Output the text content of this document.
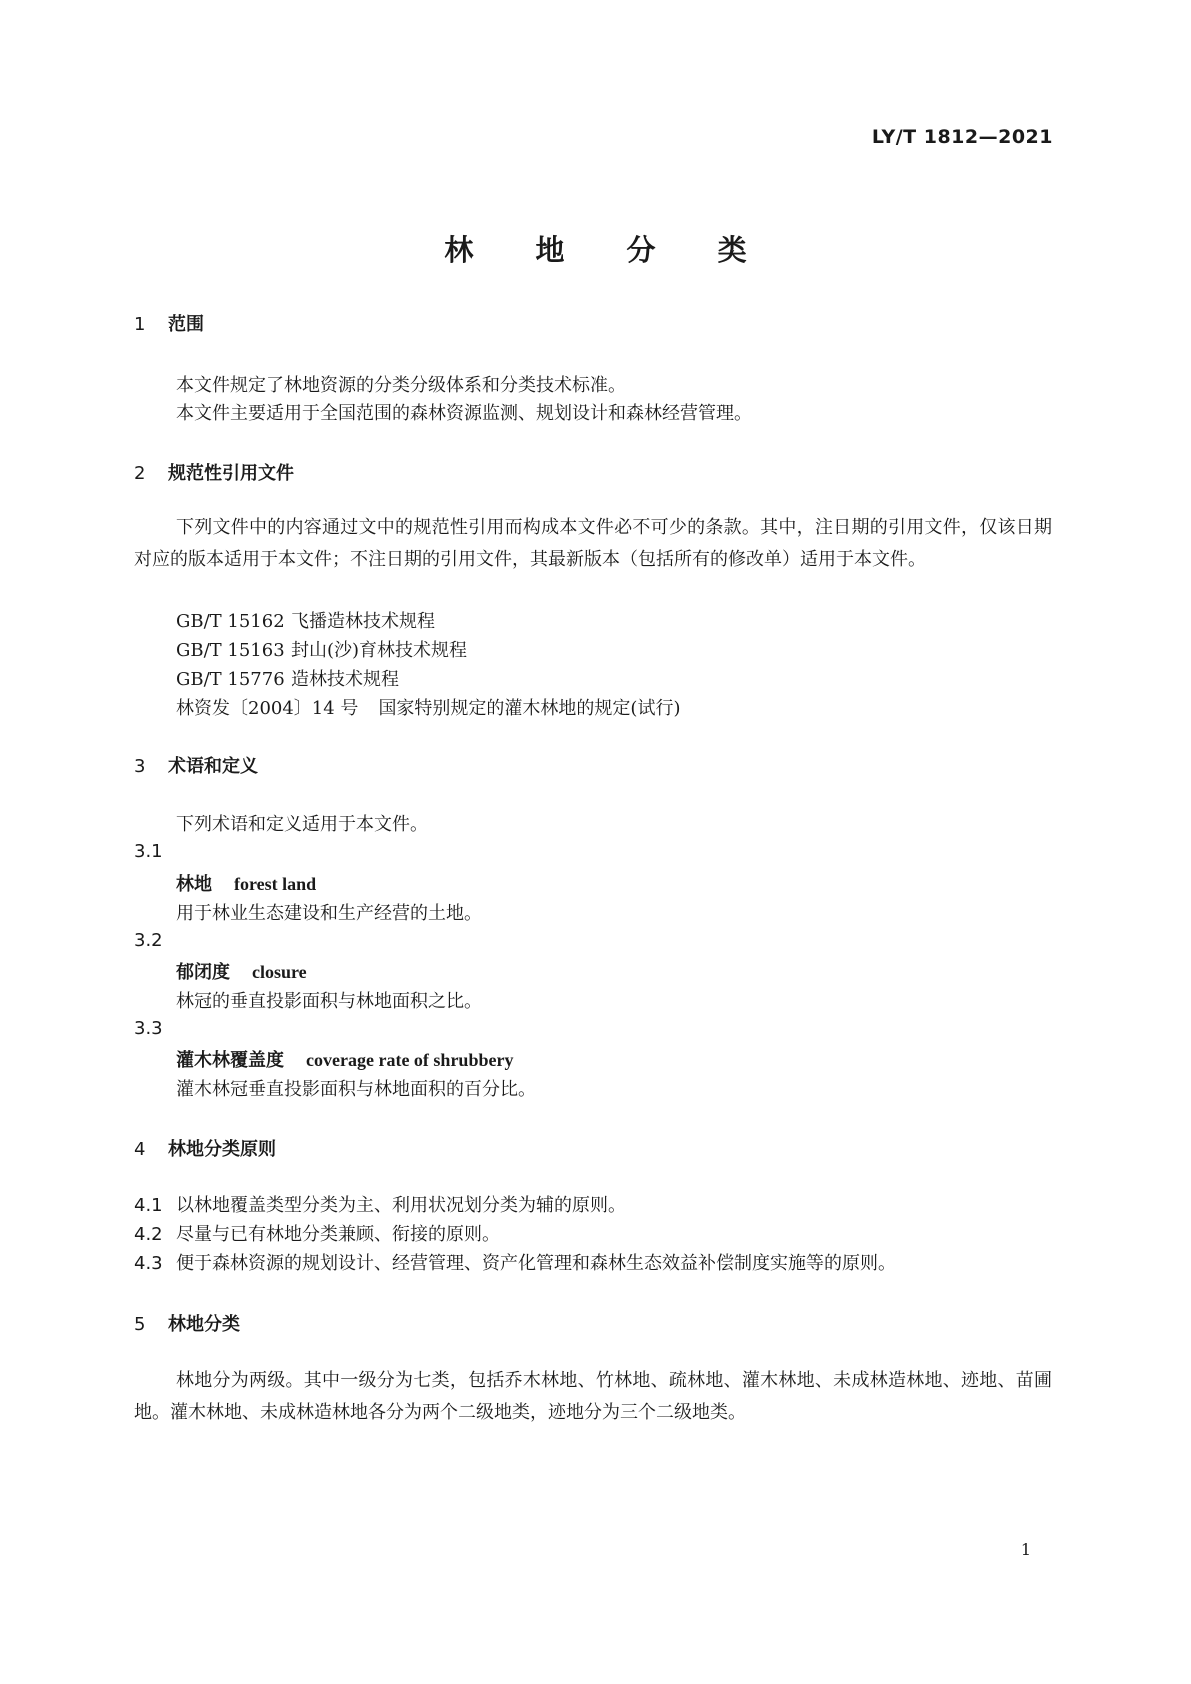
LY/T 1812—2021

林 地 分 类

1 范围

本文件规定了林地资源的分类分级体系和分类技术标准。

本文件主要适用于全国范围的森林资源监测、规划设计和森林经营管理。

2 规范性引用文件

下列文件中的内容通过文中的规范性引用而构成本文件必不可少的条款。其中，注日期的引用文件，仅该日期对应的版本适用于本文件；不注日期的引用文件，其最新版本（包括所有的修改单）适用于本文件。

GB/T 15162 飞播造林技术规程

GB/T 15163 封山(沙)育林技术规程

GB/T 15776 造林技术规程

林资发〔2004〕14 号 国家特别规定的灌木林地的规定(试行)

3 术语和定义

下列术语和定义适用于本文件。

3.1

林地 forest land

用于林业生态建设和生产经营的土地。

3.2

郁闭度 closure

林冠的垂直投影面积与林地面积之比。

3.3

灌木林覆盖度 coverage rate of shrubbery

灌木林冠垂直投影面积与林地面积的百分比。

4 林地分类原则

4.1 以林地覆盖类型分类为主、利用状况划分类为辅的原则。

4.2 尽量与已有林地分类兼顾、衔接的原则。

4.3 便于森林资源的规划设计、经营管理、资产化管理和森林生态效益补偿制度实施等的原则。

5 林地分类

林地分为两级。其中一级分为七类，包括乔木林地、竹林地、疏林地、灌木林地、未成林造林地、迹地、苗圃地。灌木林地、未成林造林地各分为两个二级地类，迹地分为三个二级地类。

1
